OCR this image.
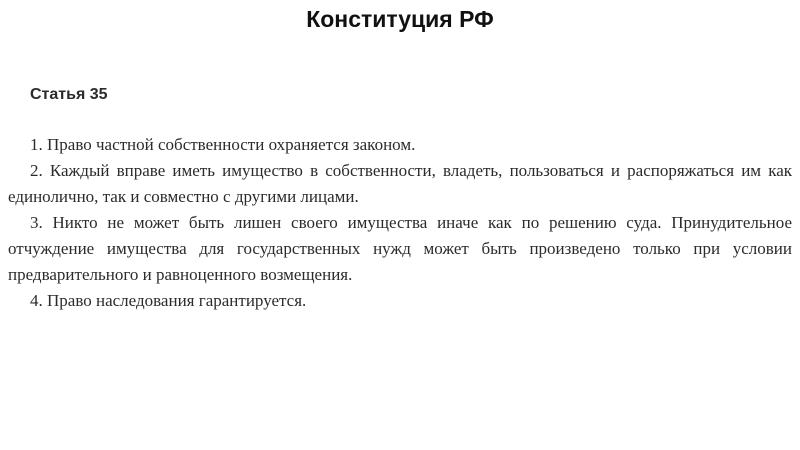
Конституция РФ
Статья 35

1. Право частной собственности охраняется законом.

2. Каждый вправе иметь имущество в собственности, владеть, пользоваться и распоряжаться им как единолично, так и совместно с другими лицами.

3. Никто не может быть лишен своего имущества иначе как по решению суда. Принудительное отчуждение имущества для государственных нужд может быть произведено только при условии предварительного и равноценного возмещения.

4. Право наследования гарантируется.
